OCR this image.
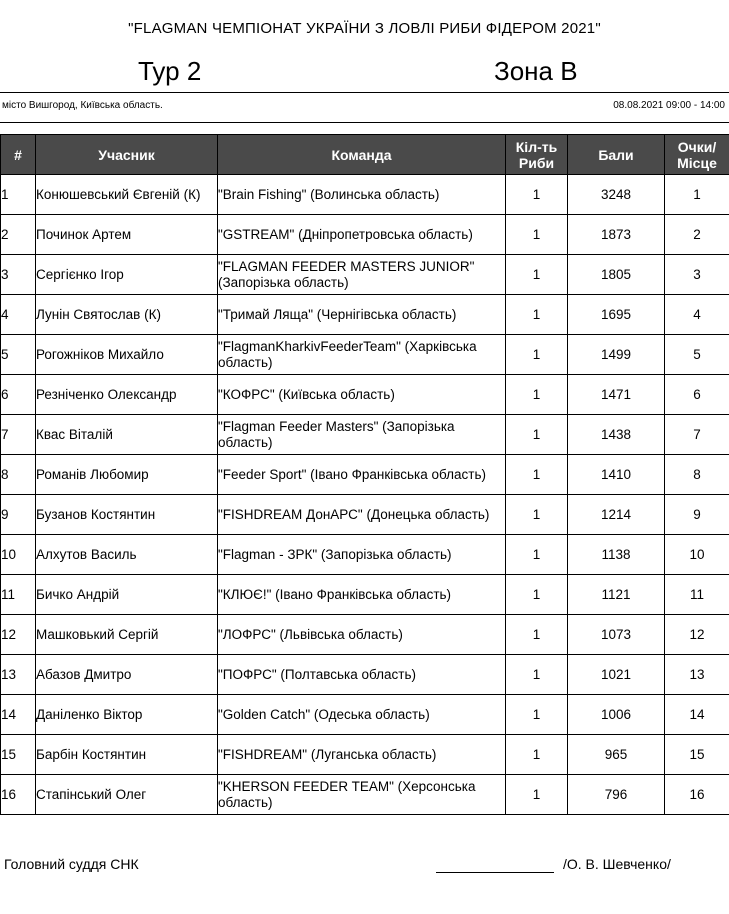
"FLAGMAN ЧЕМПІОНАТ УКРАЇНИ З ЛОВЛІ РИБИ ФІДЕРОМ 2021"
Тур 2	Зона B
місто Вишгород, Київська область.	08.08.2021 09:00 - 14:00
#	Учасник	Команда	Кіл-ть Риби	Бали	Очки/ Місце
1	Конюшевський Євгеній (К)	"Brain Fishing" (Волинська область)	1	3248	1
2	Починок Артем	"GSTREAM" (Дніпропетровська область)	1	1873	2
3	Сергієнко Ігор	"FLAGMAN FEEDER MASTERS JUNIOR" (Запорізька область)	1	1805	3
4	Лунін Святослав (К)	"Тримай Ляща" (Чернігівська область)	1	1695	4
5	Рогожніков Михайло	"FlagmanKharkivFeederTeam" (Харківська область)	1	1499	5
6	Резніченко Олександр	"КОФРС" (Київська область)	1	1471	6
7	Квас Віталій	"Flagman Feeder Masters" (Запорізька область)	1	1438	7
8	Романів Любомир	"Feeder Sport" (Івано Франківська область)	1	1410	8
9	Бузанов Костянтин	"FISHDREAM ДонАРС" (Донецька область)	1	1214	9
10	Алхутов Василь	"Flagman - ЗРК" (Запорізька область)	1	1138	10
11	Бичко Андрій	"КЛЮЄ!" (Івано Франківська область)	1	1121	11
12	Машковький Сергій	"ЛОФРС" (Львівська область)	1	1073	12
13	Абазов Дмитро	"ПОФРС" (Полтавська область)	1	1021	13
14	Даніленко Віктор	"Golden Catch" (Одеська область)	1	1006	14
15	Барбін Костянтин	"FISHDREAM" (Луганська область)	1	965	15
16	Стапінський Олег	"KHERSON FEEDER TEAM" (Херсонська область)	1	796	16
Головний суддя СНК	/О. В. Шевченко/
